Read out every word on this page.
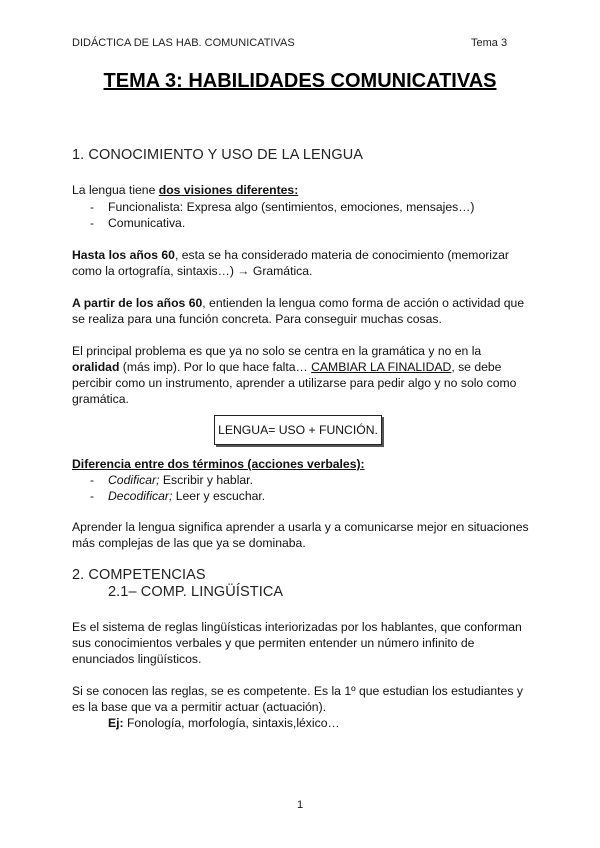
DIDÁCTICA DE LAS HAB. COMUNICATIVAS	Tema 3
TEMA 3: HABILIDADES COMUNICATIVAS
1. CONOCIMIENTO Y USO DE LA LENGUA
La lengua tiene dos visiones diferentes:
- Funcionalista: Expresa algo (sentimientos, emociones, mensajes…)
- Comunicativa.
Hasta los años 60, esta se ha considerado materia de conocimiento (memorizar
como la ortografía, sintaxis…) → Gramática.
A partir de los años 60, entienden la lengua como forma de acción o actividad que
se realiza para una función concreta. Para conseguir muchas cosas.
El principal problema es que ya no solo se centra en la gramática y no en la
oralidad (más imp). Por lo que hace falta… CAMBIAR LA FINALIDAD, se debe
percibir como un instrumento, aprender a utilizarse para pedir algo y no solo como
gramática.
LENGUA= USO + FUNCIÓN.
Diferencia entre dos términos (acciones verbales):
- Codificar; Escribir y hablar.
- Decodificar; Leer y escuchar.
Aprender la lengua significa aprender a usarla y a comunicarse mejor en situaciones
más complejas de las que ya se dominaba.
2. COMPETENCIAS
2.1– COMP. LINGÜÍSTICA
Es el sistema de reglas lingüísticas interiorizadas por los hablantes, que conforman
sus conocimientos verbales y que permiten entender un número infinito de
enunciados lingüísticos.
Si se conocen las reglas, se es competente. Es la 1º que estudian los estudiantes y
es la base que va a permitir actuar (actuación).
Ej: Fonología, morfología, sintaxis,léxico…
1
